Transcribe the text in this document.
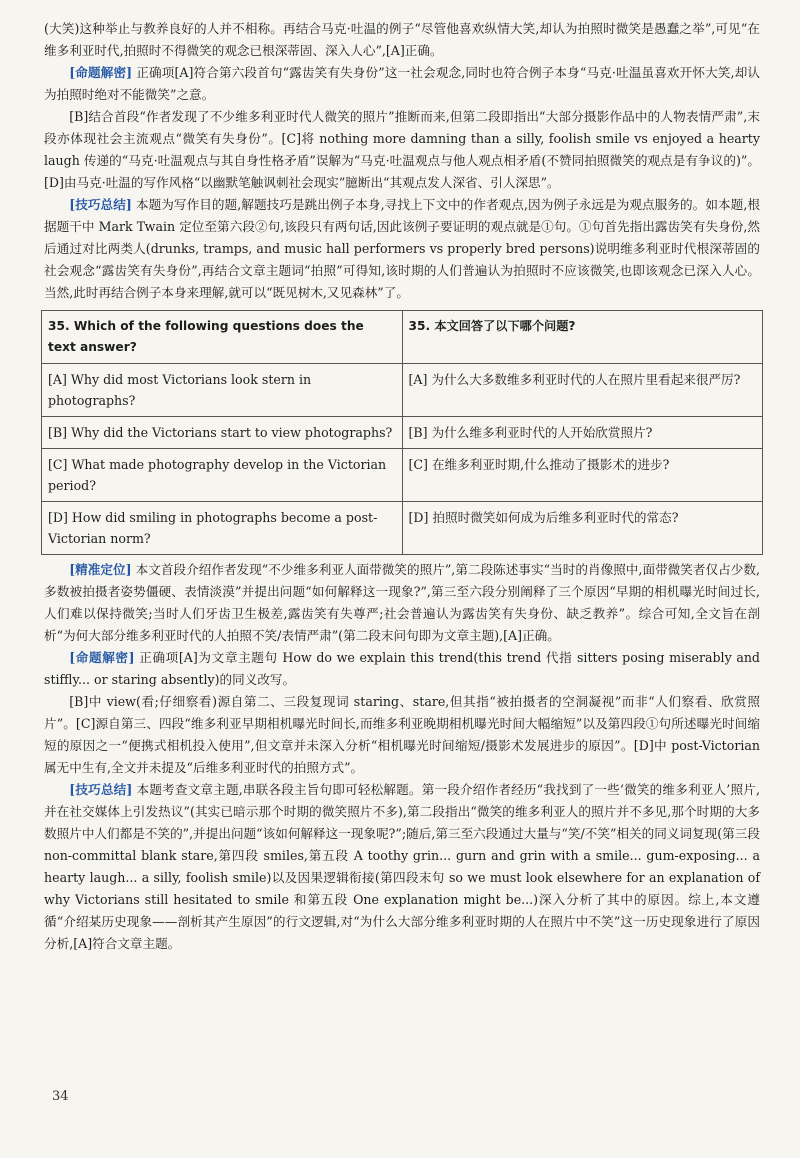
(大笑)这种举止与教养良好的人并不相称。再结合马克·吐温的例子“尽管他喜欢纵情大笑,却认为拍照时微笑是愚蠢之举”,可见“在维多利亚时代,拍照时不得微笑的观念已根深蒂固、深入人心”,[A]正确。

[命题解密] 正确项[A]符合第六段首句“露齿笑有失身份”这一社会观念,同时也符合例子本身“马克·吐温虽喜欢开怀大笑,却认为拍照时绝对不能微笑”之意。

[B]结合首段“作者发现了不少维多利亚时代人微笑的照片”推断而来,但第二段即指出“大部分摄影作品中的人物表情严肃”,末段亦体现社会主流观点“微笑有失身份”。[C]将 nothing more damning than a silly, foolish smile vs enjoyed a hearty laugh 传递的“马克·吐温观点与其自身性格矛盾”误解为“马克·吐温观点与他人观点相矛盾(不赞同拍照微笑的观点是有争议的)”。[D]由马克·吐温的写作风格“以幽默笔触讽刺社会现实”臆断出“其观点发人深省、引人深思”。

[技巧总结] 本题为写作目的题,解题技巧是跳出例子本身,寻找上下文中的作者观点,因为例子永远是为观点服务的。如本题,根据题干中 Mark Twain 定位至第六段②句,该段只有两句话,因此该例子要证明的观点就是①句。①句首先指出露齿笑有失身份,然后通过对比两类人(drunks, tramps, and music hall performers vs properly bred persons)说明维多利亚时代根深蒂固的社会观念“露齿笑有失身份”,再结合文章主题词“拍照”可得知,该时期的人们普遍认为拍照时不应该微笑,也即该观念已深入人心。当然,此时再结合例子本身来理解,就可以“既见树木,又见森林”了。

35. Which of the following questions does the text answer?	35. 本文回答了以下哪个问题?
[A] Why did most Victorians look stern in photographs?	[A] 为什么大多数维多利亚时代的人在照片里看起来很严厉?
[B] Why did the Victorians start to view photographs?	[B] 为什么维多利亚时代的人开始欣赏照片?
[C] What made photography develop in the Victorian period?	[C] 在维多利亚时期,什么推动了摄影术的进步?
[D] How did smiling in photographs become a post-Victorian norm?	[D] 拍照时微笑如何成为后维多利亚时代的常态?

[精准定位] 本文首段介绍作者发现“不少维多利亚人面带微笑的照片”,第二段陈述事实“当时的肖像照中,面带微笑者仅占少数,多数被拍摄者姿势僵硬、表情淡漠”并提出问题“如何解释这一现象?”,第三至六段分别阐释了三个原因“早期的相机曝光时间过长,人们难以保持微笑;当时人们牙齿卫生极差,露齿笑有失尊严;社会普遍认为露齿笑有失身份、缺乏教养”。综合可知,全文旨在剖析“为何大部分维多利亚时代的人拍照不笑/表情严肃”(第二段末问句即为文章主题),[A]正确。

[命题解密] 正确项[A]为文章主题句 How do we explain this trend(this trend 代指 sitters posing miserably and stiffly... or staring absently)的同义改写。

[B]中 view(看;仔细察看)源自第二、三段复现词 staring、stare,但其指“被拍摄者的空洞凝视”而非“人们察看、欣赏照片”。[C]源自第三、四段“维多利亚早期相机曝光时间长,而维多利亚晚期相机曝光时间大幅缩短”以及第四段①句所述曝光时间缩短的原因之一“便携式相机投入使用”,但文章并未深入分析“相机曝光时间缩短/摄影术发展进步的原因”。[D]中 post-Victorian 属无中生有,全文并未提及“后维多利亚时代的拍照方式”。

[技巧总结] 本题考查文章主题,串联各段主旨句即可轻松解题。第一段介绍作者经历“我找到了一些‘微笑的维多利亚人’照片,并在社交媒体上引发热议”(其实已暗示那个时期的微笑照片不多),第二段指出“微笑的维多利亚人的照片并不多见,那个时期的大多数照片中人们都是不笑的”,并提出问题“该如何解释这一现象呢?”;随后,第三至六段通过大量与“笑/不笑”相关的同义词复现(第三段 non-committal blank stare,第四段 smiles,第五段 A toothy grin... gurn and grin with a smile... gum-exposing... a hearty laugh... a silly, foolish smile)以及因果逻辑衔接(第四段末句 so we must look elsewhere for an explanation of why Victorians still hesitated to smile 和第五段 One explanation might be...)深入分析了其中的原因。综上,本文遵循“介绍某历史现象——剖析其产生原因”的行文逻辑,对“为什么大部分维多利亚时期的人在照片中不笑”这一历史现象进行了原因分析,[A]符合文章主题。

34
